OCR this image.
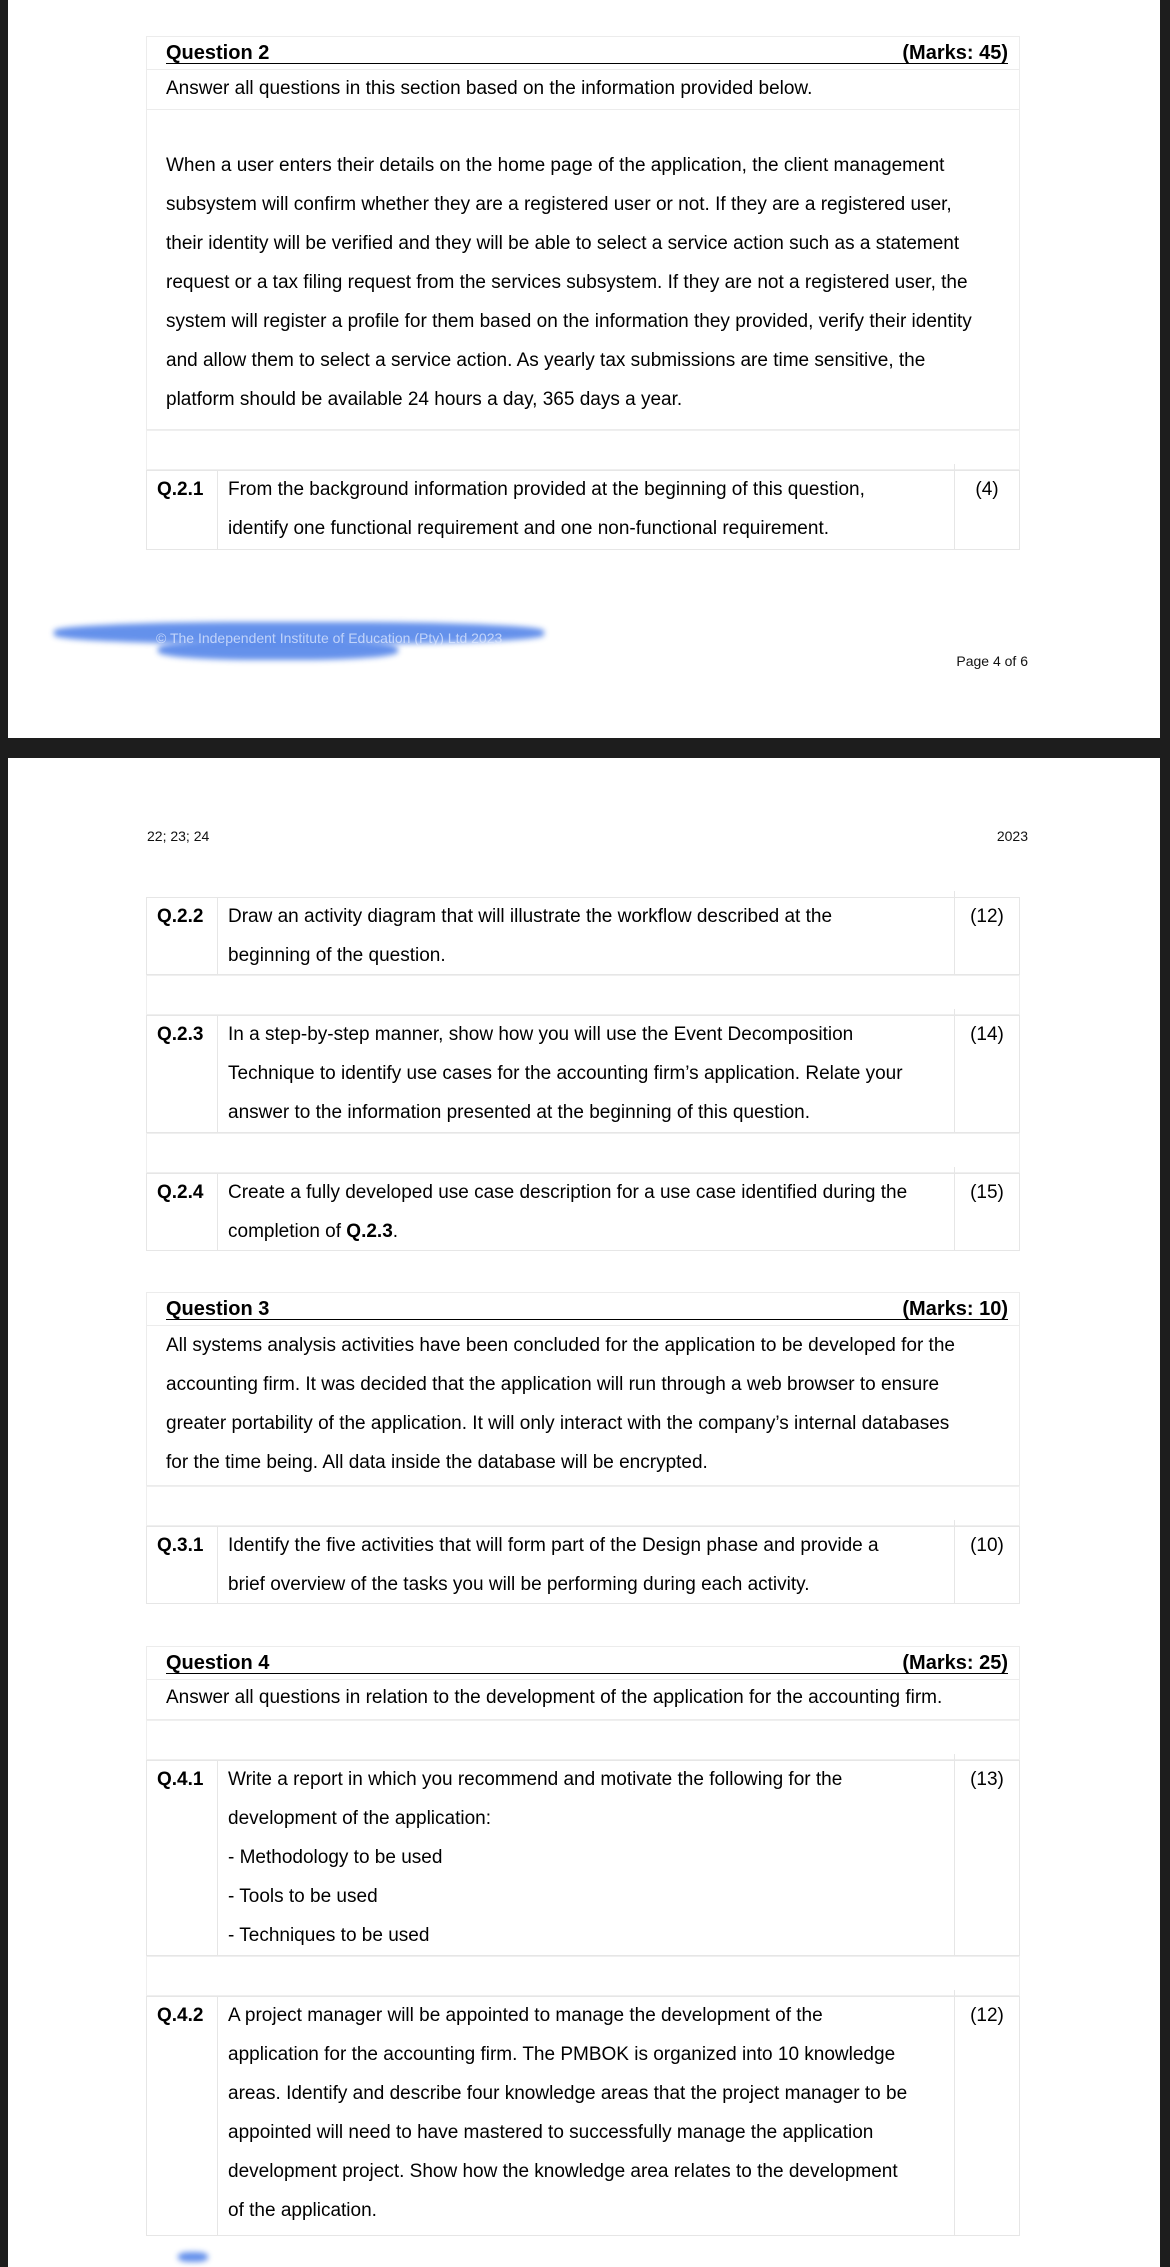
Question 2	(Marks: 45)

Answer all questions in this section based on the information provided below.

When a user enters their details on the home page of the application, the client management

subsystem will confirm whether they are a registered user or not. If they are a registered user,

their identity will be verified and they will be able to select a service action such as a statement

request or a tax filing request from the services subsystem. If they are not a registered user, the

system will register a profile for them based on the information they provided, verify their identity

and allow them to select a service action. As yearly tax submissions are time sensitive, the

platform should be available 24 hours a day, 365 days a year.

Q.2.1	From the background information provided at the beginning of this question,
identify one functional requirement and one non-functional requirement.
(4)
© The Independent Institute of Education (Pty) Ltd 2023
Page 4 of 6
22; 23; 24	2023
Q.2.2	Draw an activity diagram that will illustrate the workflow described at the
beginning of the question.
(12)
Q.2.3	In a step-by-step manner, show how you will use the Event Decomposition
Technique to identify use cases for the accounting firm’s application. Relate your
answer to the information presented at the beginning of this question.
(14)
Q.2.4	Create a fully developed use case description for a use case identified during the
completion of Q.2.3.
(15)
Question 3	(Marks: 10)

All systems analysis activities have been concluded for the application to be developed for the

accounting firm. It was decided that the application will run through a web browser to ensure

greater portability of the application. It will only interact with the company’s internal databases

for the time being. All data inside the database will be encrypted.

Q.3.1	Identify the five activities that will form part of the Design phase and provide a
brief overview of the tasks you will be performing during each activity.
(10)
Question 4	(Marks: 25)

Answer all questions in relation to the development of the application for the accounting firm.

Q.4.1	Write a report in which you recommend and motivate the following for the
development of the application:
- Methodology to be used
- Tools to be used
- Techniques to be used
(13)
Q.4.2	A project manager will be appointed to manage the development of the
application for the accounting firm. The PMBOK is organized into 10 knowledge
areas. Identify and describe four knowledge areas that the project manager to be
appointed will need to have mastered to successfully manage the application
development project. Show how the knowledge area relates to the development
of the application.
(12)
